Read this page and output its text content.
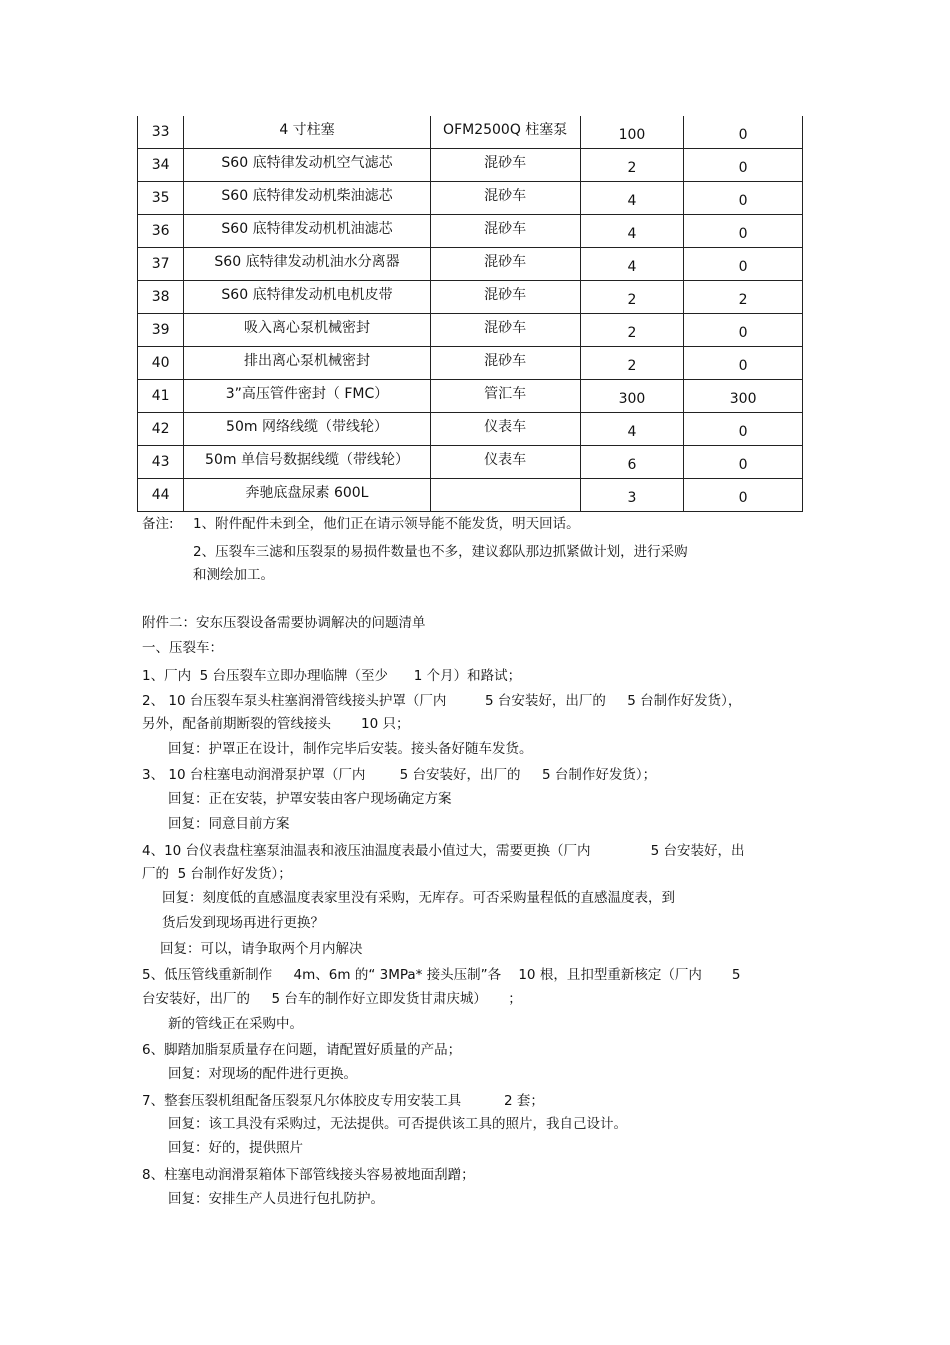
33	4 寸柱塞	OFM2500Q 柱塞泵	100	0
34	S60 底特律发动机空气滤芯	混砂车	2	0
35	S60 底特律发动机柴油滤芯	混砂车	4	0
36	S60 底特律发动机机油滤芯	混砂车	4	0
37	S60 底特律发动机油水分离器	混砂车	4	0
38	S60 底特律发动机电机皮带	混砂车	2	2
39	吸入离心泵机械密封	混砂车	2	0
40	排出离心泵机械密封	混砂车	2	0
41	3”高压管件密封（ FMC）	管汇车	300	300
42	50m 网络线缆（带线轮）	仪表车	4	0
43	50m 单信号数据线缆（带线轮）	仪表车	6	0
44	奔驰底盘尿素 600L		3	0
备注: 1、附件配件未到全，他们正在请示领导能不能发货，明天回话。
2、压裂车三滤和压裂泵的易损件数量也不多，建议郄队那边抓紧做计划，进行采购
和测绘加工。
附件二：安东压裂设备需要协调解决的问题清单
一、压裂车：
1、厂内  5 台压裂车立即办理临牌（至少      1 个月）和路试；
2、 10 台压裂车泵头柱塞润滑管线接头护罩（厂内         5 台安装好，出厂的     5 台制作好发货），
另外，配备前期断裂的管线接头       10 只；
回复：护罩正在设计，制作完毕后安装。接头备好随车发货。
3、 10 台柱塞电动润滑泵护罩（厂内        5 台安装好，出厂的     5 台制作好发货）；
回复：正在安装，护罩安装由客户现场确定方案
回复：同意目前方案
4、10 台仪表盘柱塞泵油温表和液压油温度表最小值过大，需要更换（厂内              5 台安装好，出
厂的  5 台制作好发货）；
回复：刻度低的直感温度表家里没有采购，无库存。可否采购量程低的直感温度表，到
货后发到现场再进行更换？
回复：可以，请争取两个月内解决
5、低压管线重新制作     4m、6m 的“ 3MPa* 接头压制”各    10 根，且扣型重新核定（厂内       5
台安装好，出厂的     5 台车的制作好立即发货甘肃庆城）     ；
新的管线正在采购中。
6、脚踏加脂泵质量存在问题，请配置好质量的产品；
回复：对现场的配件进行更换。
7、整套压裂机组配备压裂泵凡尔体胶皮专用安装工具          2 套；
回复：该工具没有采购过，无法提供。可否提供该工具的照片，我自己设计。
回复：好的，提供照片
8、柱塞电动润滑泵箱体下部管线接头容易被地面刮蹭；
回复：安排生产人员进行包扎防护。
